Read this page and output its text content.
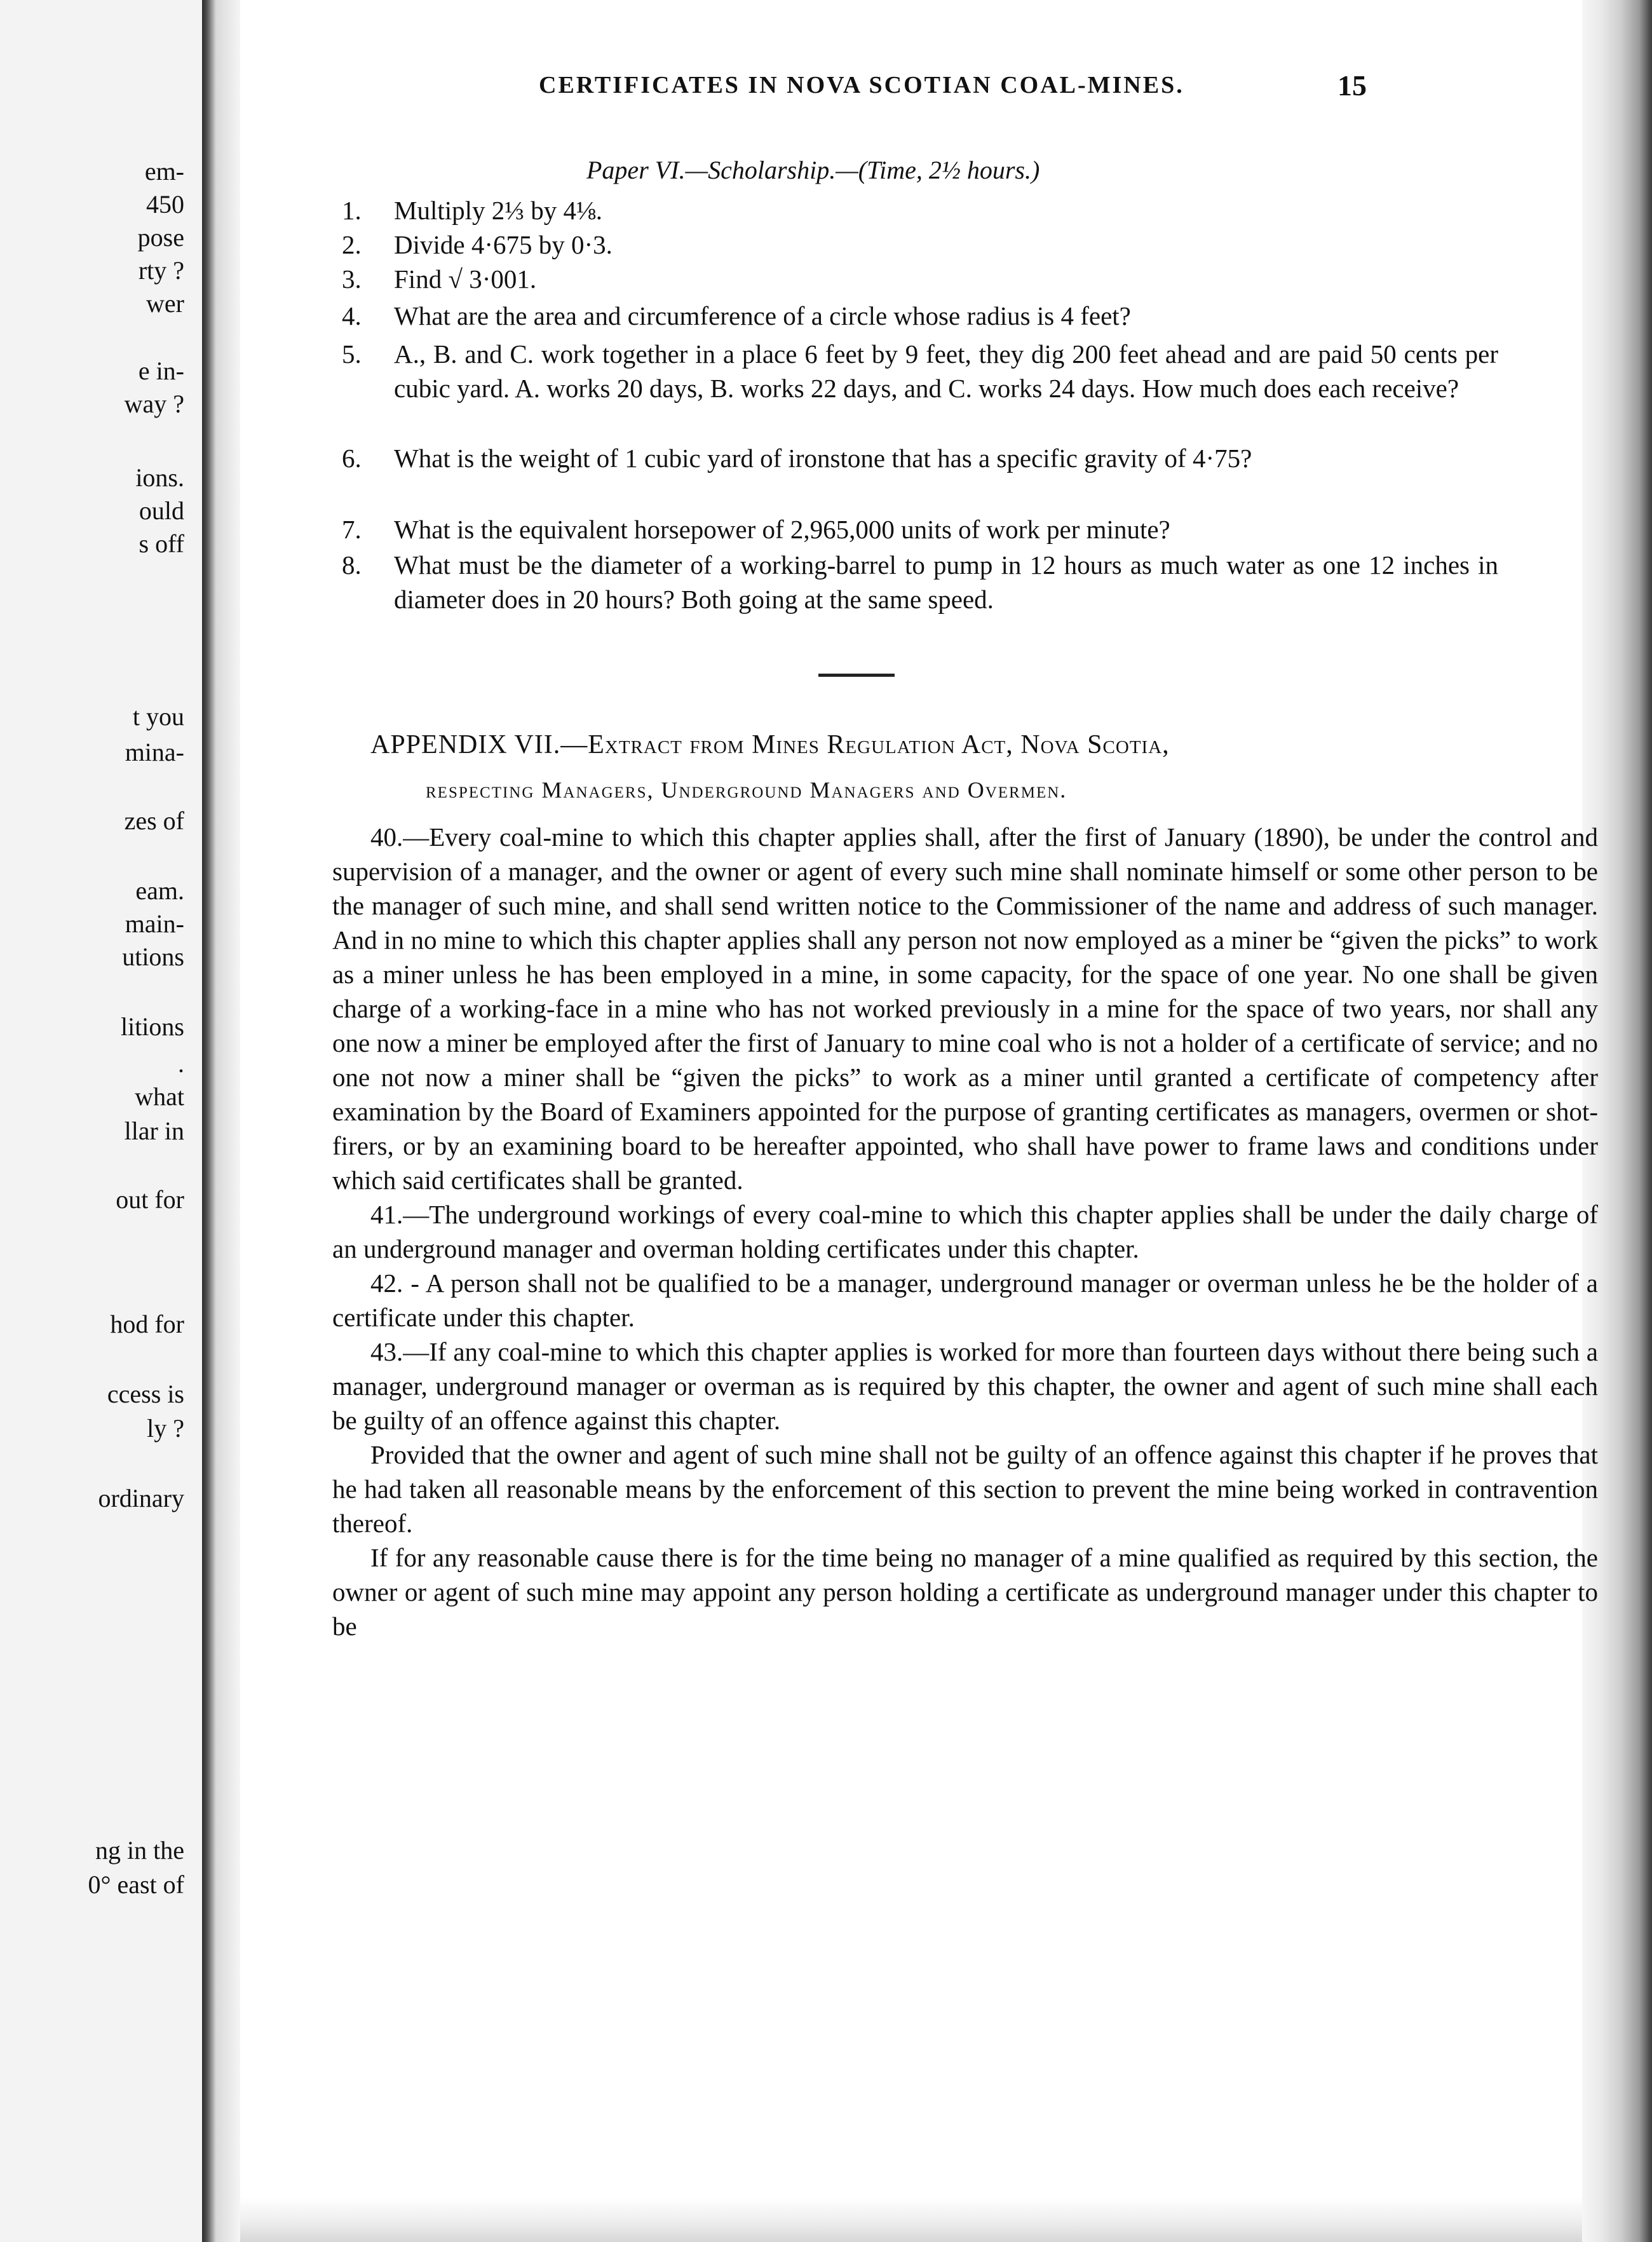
em-
450
pose
rty ?
wer
e in-
way ?
ions.
ould
s off
t you
mina-
zes of
eam.
main-
utions
litions
.
what
llar in
out for
hod for
ccess is
ly ?
ordinary
ng in the
0° east of
CERTIFICATES IN NOVA SCOTIAN COAL-MINES.	15
Paper VI.—Scholarship.—(Time, 2½ hours.)
1.	Multiply 2⅓ by 4⅛.
2.	Divide 4·675 by 0·3.
3.	Find √ 3·001.
4.	What are the area and circumference of a circle whose radius is 4 feet?
5.	A., B. and C. work together in a place 6 feet by 9 feet, they dig 200 feet ahead and are paid 50 cents per cubic yard. A. works 20 days, B. works 22 days, and C. works 24 days. How much does each receive?
6.	What is the weight of 1 cubic yard of ironstone that has a specific gravity of 4·75?
7.	What is the equivalent horsepower of 2,965,000 units of work per minute?
8.	What must be the diameter of a working-barrel to pump in 12 hours as much water as one 12 inches in diameter does in 20 hours? Both going at the same speed.
APPENDIX VII.—Extract from Mines Regulation Act, Nova Scotia,
respecting Managers, Underground Managers and Overmen.

40.—Every coal-mine to which this chapter applies shall, after the first of January (1890), be under the control and supervision of a manager, and the owner or agent of every such mine shall nominate himself or some other person to be the manager of such mine, and shall send written notice to the Commissioner of the name and address of such manager. And in no mine to which this chapter applies shall any person not now employed as a miner be “given the picks” to work as a miner unless he has been employed in a mine, in some capacity, for the space of one year. No one shall be given charge of a working-face in a mine who has not worked previously in a mine for the space of two years, nor shall any one now a miner be employed after the first of January to mine coal who is not a holder of a certificate of service; and no one not now a miner shall be “given the picks” to work as a miner until granted a certificate of competency after examination by the Board of Examiners appointed for the purpose of granting certificates as managers, overmen or shot-firers, or by an examining board to be hereafter appointed, who shall have power to frame laws and conditions under which said certificates shall be granted.

41.—The underground workings of every coal-mine to which this chapter applies shall be under the daily charge of an underground manager and overman holding certificates under this chapter.

42. - A person shall not be qualified to be a manager, underground manager or overman unless he be the holder of a certificate under this chapter.

43.—If any coal-mine to which this chapter applies is worked for more than fourteen days without there being such a manager, underground manager or overman as is required by this chapter, the owner and agent of such mine shall each be guilty of an offence against this chapter.

Provided that the owner and agent of such mine shall not be guilty of an offence against this chapter if he proves that he had taken all reasonable means by the enforcement of this section to prevent the mine being worked in contravention thereof.

If for any reasonable cause there is for the time being no manager of a mine qualified as required by this section, the owner or agent of such mine may appoint any person holding a certificate as underground manager under this chapter to be
